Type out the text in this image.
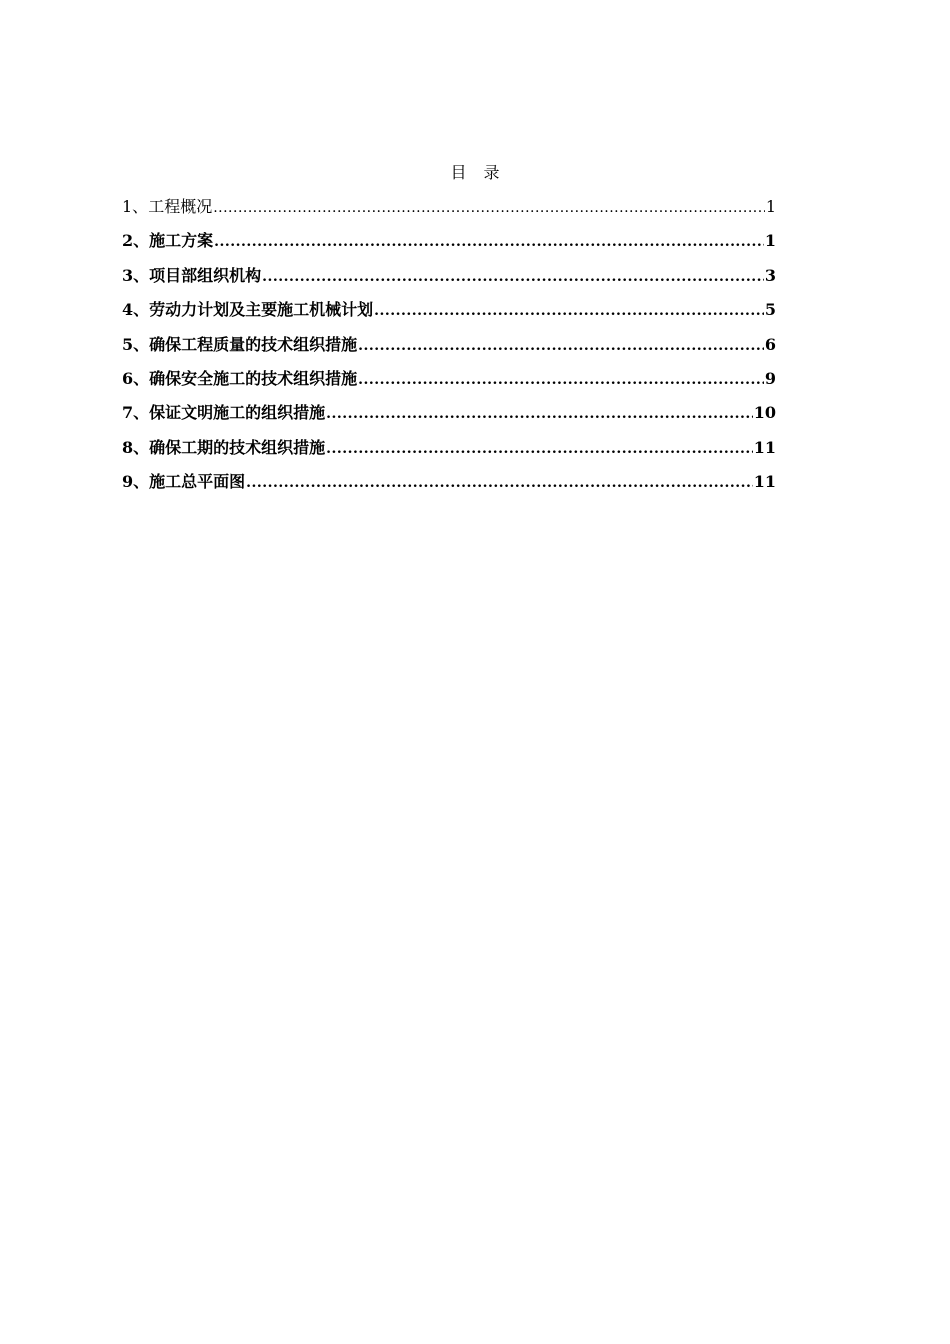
目 录
1、 工程概况 .....	1
2、 施工方案 .....	1
3、 项目部组织机构 .....	3
4、 劳动力计划及主要施工机械计划 .....	5
5、 确保工程质量的技术组织措施 .....	6
6、 确保安全施工的技术组织措施 .....	9
7、 保证文明施工的组织措施 .....	10
8、 确保工期的技术组织措施 .....	11
9、 施工总平面图 .....	11
